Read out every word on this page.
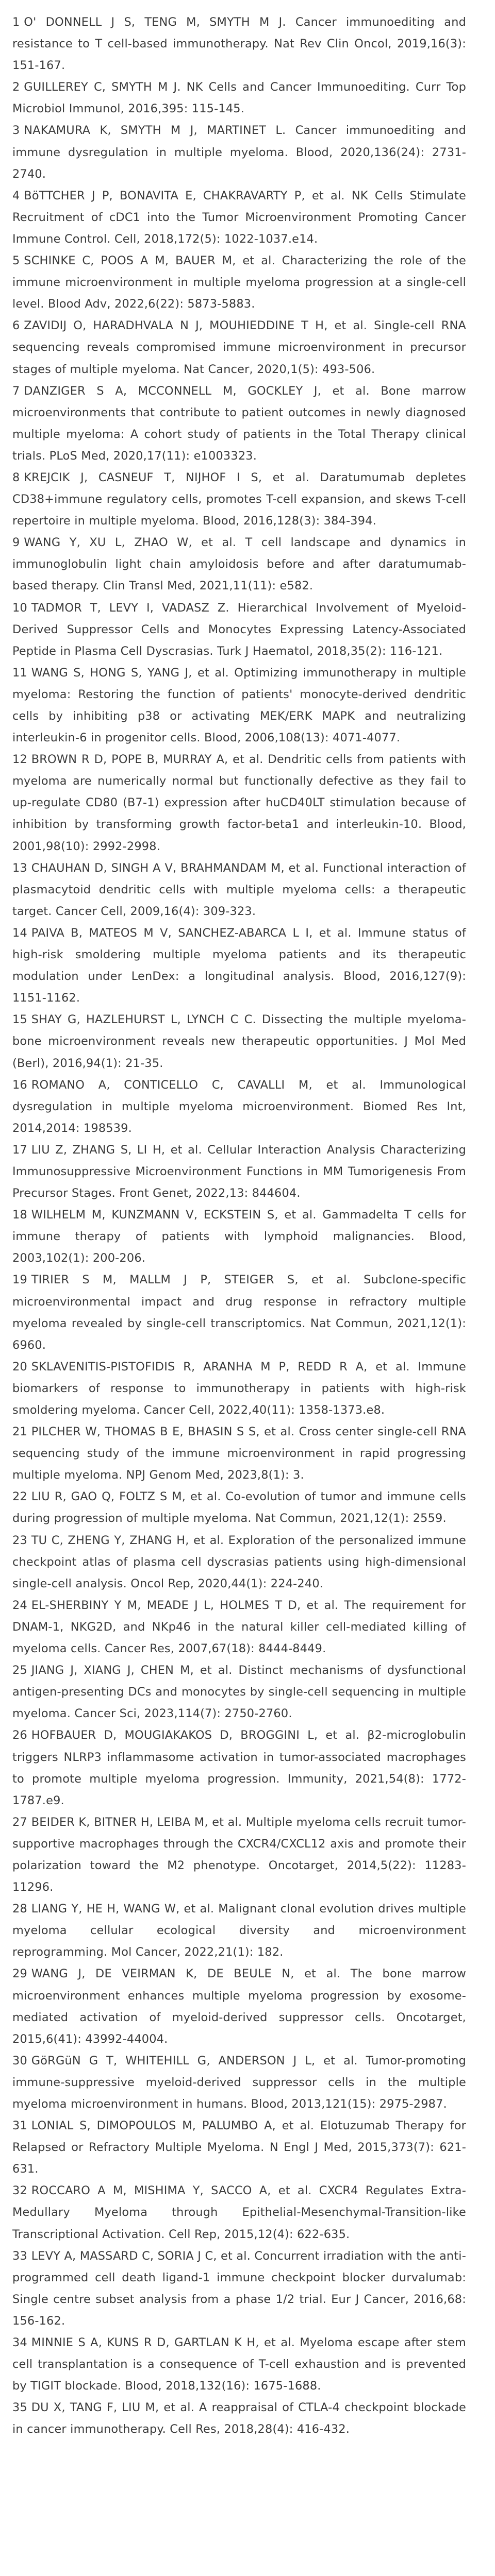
1 O' DONNELL J S, TENG M, SMYTH M J. Cancer immunoediting and resistance to T cell-based immunotherapy. Nat Rev Clin Oncol, 2019,16(3): 151-167.
2 GUILLEREY C, SMYTH M J. NK Cells and Cancer Immunoediting. Curr Top Microbiol Immunol, 2016,395: 115-145.
3 NAKAMURA K, SMYTH M J, MARTINET L. Cancer immunoediting and immune dysregulation in multiple myeloma. Blood, 2020,136(24): 2731-2740.
4 BöTTCHER J P, BONAVITA E, CHAKRAVARTY P, et al. NK Cells Stimulate Recruitment of cDC1 into the Tumor Microenvironment Promoting Cancer Immune Control. Cell, 2018,172(5): 1022-1037.e14.
5 SCHINKE C, POOS A M, BAUER M, et al. Characterizing the role of the immune microenvironment in multiple myeloma progression at a single-cell level. Blood Adv, 2022,6(22): 5873-5883.
6 ZAVIDIJ O, HARADHVALA N J, MOUHIEDDINE T H, et al. Single-cell RNA sequencing reveals compromised immune microenvironment in precursor stages of multiple myeloma. Nat Cancer, 2020,1(5): 493-506.
7 DANZIGER S A, MCCONNELL M, GOCKLEY J, et al. Bone marrow microenvironments that contribute to patient outcomes in newly diagnosed multiple myeloma: A cohort study of patients in the Total Therapy clinical trials. PLoS Med, 2020,17(11): e1003323.
8 KREJCIK J, CASNEUF T, NIJHOF I S, et al. Daratumumab depletes CD38+immune regulatory cells, promotes T-cell expansion, and skews T-cell repertoire in multiple myeloma. Blood, 2016,128(3): 384-394.
9 WANG Y, XU L, ZHAO W, et al. T cell landscape and dynamics in immunoglobulin light chain amyloidosis before and after daratumumab-based therapy. Clin Transl Med, 2021,11(11): e582.
10 TADMOR T, LEVY I, VADASZ Z. Hierarchical Involvement of Myeloid-Derived Suppressor Cells and Monocytes Expressing Latency-Associated Peptide in Plasma Cell Dyscrasias. Turk J Haematol, 2018,35(2): 116-121.
11 WANG S, HONG S, YANG J, et al. Optimizing immunotherapy in multiple myeloma: Restoring the function of patients' monocyte-derived dendritic cells by inhibiting p38 or activating MEK/ERK MAPK and neutralizing interleukin-6 in progenitor cells. Blood, 2006,108(13): 4071-4077.
12 BROWN R D, POPE B, MURRAY A, et al. Dendritic cells from patients with myeloma are numerically normal but functionally defective as they fail to up-regulate CD80 (B7-1) expression after huCD40LT stimulation because of inhibition by transforming growth factor-beta1 and interleukin-10. Blood, 2001,98(10): 2992-2998.
13 CHAUHAN D, SINGH A V, BRAHMANDAM M, et al. Functional interaction of plasmacytoid dendritic cells with multiple myeloma cells: a therapeutic target. Cancer Cell, 2009,16(4): 309-323.
14 PAIVA B, MATEOS M V, SANCHEZ-ABARCA L I, et al. Immune status of high-risk smoldering multiple myeloma patients and its therapeutic modulation under LenDex: a longitudinal analysis. Blood, 2016,127(9): 1151-1162.
15 SHAY G, HAZLEHURST L, LYNCH C C. Dissecting the multiple myeloma-bone microenvironment reveals new therapeutic opportunities. J Mol Med (Berl), 2016,94(1): 21-35.
16 ROMANO A, CONTICELLO C, CAVALLI M, et al. Immunological dysregulation in multiple myeloma microenvironment. Biomed Res Int, 2014,2014: 198539.
17 LIU Z, ZHANG S, LI H, et al. Cellular Interaction Analysis Characterizing Immunosuppressive Microenvironment Functions in MM Tumorigenesis From Precursor Stages. Front Genet, 2022,13: 844604.
18 WILHELM M, KUNZMANN V, ECKSTEIN S, et al. Gammadelta T cells for immune therapy of patients with lymphoid malignancies. Blood, 2003,102(1): 200-206.
19 TIRIER S M, MALLM J P, STEIGER S, et al. Subclone-specific microenvironmental impact and drug response in refractory multiple myeloma revealed by single-cell transcriptomics. Nat Commun, 2021,12(1): 6960.
20 SKLAVENITIS-PISTOFIDIS R, ARANHA M P, REDD R A, et al. Immune biomarkers of response to immunotherapy in patients with high-risk smoldering myeloma. Cancer Cell, 2022,40(11): 1358-1373.e8.
21 PILCHER W, THOMAS B E, BHASIN S S, et al. Cross center single-cell RNA sequencing study of the immune microenvironment in rapid progressing multiple myeloma. NPJ Genom Med, 2023,8(1): 3.
22 LIU R, GAO Q, FOLTZ S M, et al. Co-evolution of tumor and immune cells during progression of multiple myeloma. Nat Commun, 2021,12(1): 2559.
23 TU C, ZHENG Y, ZHANG H, et al. Exploration of the personalized immune checkpoint atlas of plasma cell dyscrasias patients using high-dimensional single-cell analysis. Oncol Rep, 2020,44(1): 224-240.
24 EL-SHERBINY Y M, MEADE J L, HOLMES T D, et al. The requirement for DNAM-1, NKG2D, and NKp46 in the natural killer cell-mediated killing of myeloma cells. Cancer Res, 2007,67(18): 8444-8449.
25 JIANG J, XIANG J, CHEN M, et al. Distinct mechanisms of dysfunctional antigen-presenting DCs and monocytes by single-cell sequencing in multiple myeloma. Cancer Sci, 2023,114(7): 2750-2760.
26 HOFBAUER D, MOUGIAKAKOS D, BROGGINI L, et al. β2-microglobulin triggers NLRP3 inflammasome activation in tumor-associated macrophages to promote multiple myeloma progression. Immunity, 2021,54(8): 1772-1787.e9.
27 BEIDER K, BITNER H, LEIBA M, et al. Multiple myeloma cells recruit tumor-supportive macrophages through the CXCR4/CXCL12 axis and promote their polarization toward the M2 phenotype. Oncotarget, 2014,5(22): 11283-11296.
28 LIANG Y, HE H, WANG W, et al. Malignant clonal evolution drives multiple myeloma cellular ecological diversity and microenvironment reprogramming. Mol Cancer, 2022,21(1): 182.
29 WANG J, DE VEIRMAN K, DE BEULE N, et al. The bone marrow microenvironment enhances multiple myeloma progression by exosome-mediated activation of myeloid-derived suppressor cells. Oncotarget, 2015,6(41): 43992-44004.
30 GöRGüN G T, WHITEHILL G, ANDERSON J L, et al. Tumor-promoting immune-suppressive myeloid-derived suppressor cells in the multiple myeloma microenvironment in humans. Blood, 2013,121(15): 2975-2987.
31 LONIAL S, DIMOPOULOS M, PALUMBO A, et al. Elotuzumab Therapy for Relapsed or Refractory Multiple Myeloma. N Engl J Med, 2015,373(7): 621-631.
32 ROCCARO A M, MISHIMA Y, SACCO A, et al. CXCR4 Regulates Extra-Medullary Myeloma through Epithelial-Mesenchymal-Transition-like Transcriptional Activation. Cell Rep, 2015,12(4): 622-635.
33 LEVY A, MASSARD C, SORIA J C, et al. Concurrent irradiation with the anti-programmed cell death ligand-1 immune checkpoint blocker durvalumab: Single centre subset analysis from a phase 1/2 trial. Eur J Cancer, 2016,68: 156-162.
34 MINNIE S A, KUNS R D, GARTLAN K H, et al. Myeloma escape after stem cell transplantation is a consequence of T-cell exhaustion and is prevented by TIGIT blockade. Blood, 2018,132(16): 1675-1688.
35 DU X, TANG F, LIU M, et al. A reappraisal of CTLA-4 checkpoint blockade in cancer immunotherapy. Cell Res, 2018,28(4): 416-432.
